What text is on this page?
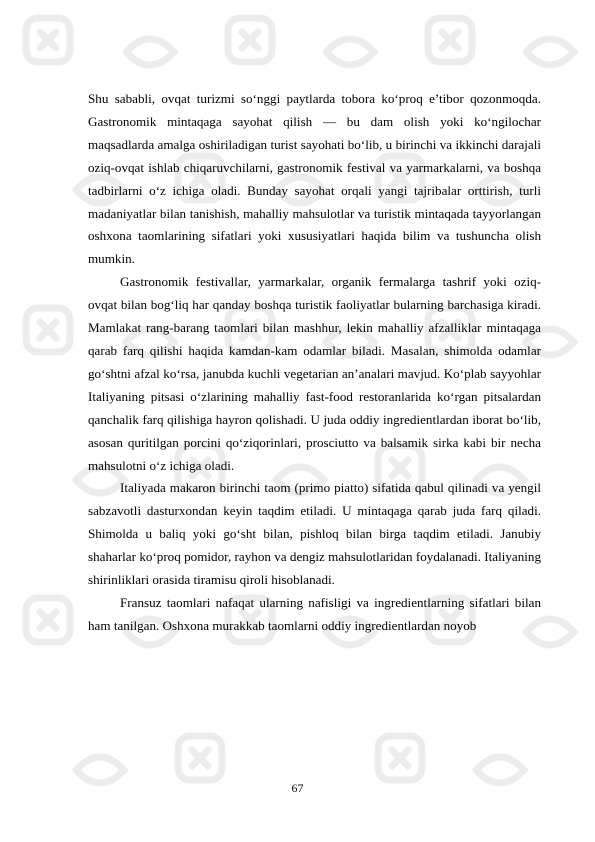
Shu sababli, ovqat turizmi so‘nggi paytlarda tobora ko‘proq e’tibor qozonmoqda. Gastronomik mintaqaga sayohat qilish — bu dam olish yoki ko‘ngilochar maqsadlarda amalga oshiriladigan turist sayohati bo‘lib, u birinchi va ikkinchi darajali oziq-ovqat ishlab chiqaruvchilarni, gastronomik festival va yarmarkalarni, va boshqa tadbirlarni o‘z ichiga oladi. Bunday sayohat orqali yangi tajribalar orttirish, turli madaniyatlar bilan tanishish, mahalliy mahsulotlar va turistik mintaqada tayyorlangan oshxona taomlarining sifatlari yoki xususiyatlari haqida bilim va tushuncha olish mumkin.

Gastronomik festivallar, yarmarkalar, organik fermalarga tashrif yoki oziq-ovqat bilan bog‘liq har qanday boshqa turistik faoliyatlar bularning barchasiga kiradi. Mamlakat rang-barang taomlari bilan mashhur, lekin mahalliy afzalliklar mintaqaga qarab farq qilishi haqida kamdan-kam odamlar biladi. Masalan, shimolda odamlar go‘shtni afzal ko‘rsa, janubda kuchli vegetarian an’analari mavjud. Ko‘plab sayyohlar Italiyaning pitsasi o‘zlarining mahalliy fast-food restoranlarida ko‘rgan pitsalardan qanchalik farq qilishiga hayron qolishadi. U juda oddiy ingredientlardan iborat bo‘lib, asosan quritilgan porcini qo‘ziqorinlari, prosciutto va balsamik sirka kabi bir necha mahsulotni o‘z ichiga oladi.

Italiyada makaron birinchi taom (primo piatto) sifatida qabul qilinadi va yengil sabzavotli dasturxondan keyin taqdim etiladi. U mintaqaga qarab juda farq qiladi. Shimolda u baliq yoki go‘sht bilan, pishloq bilan birga taqdim etiladi. Janubiy shaharlar ko‘proq pomidor, rayhon va dengiz mahsulotlaridan foydalanadi. Italiyaning shirinliklari orasida tiramisu qiroli hisoblanadi.

Fransuz taomlari nafaqat ularning nafisligi va ingredientlarning sifatlari bilan ham tanilgan. Oshxona murakkab taomlarni oddiy ingredientlardan noyob

67
